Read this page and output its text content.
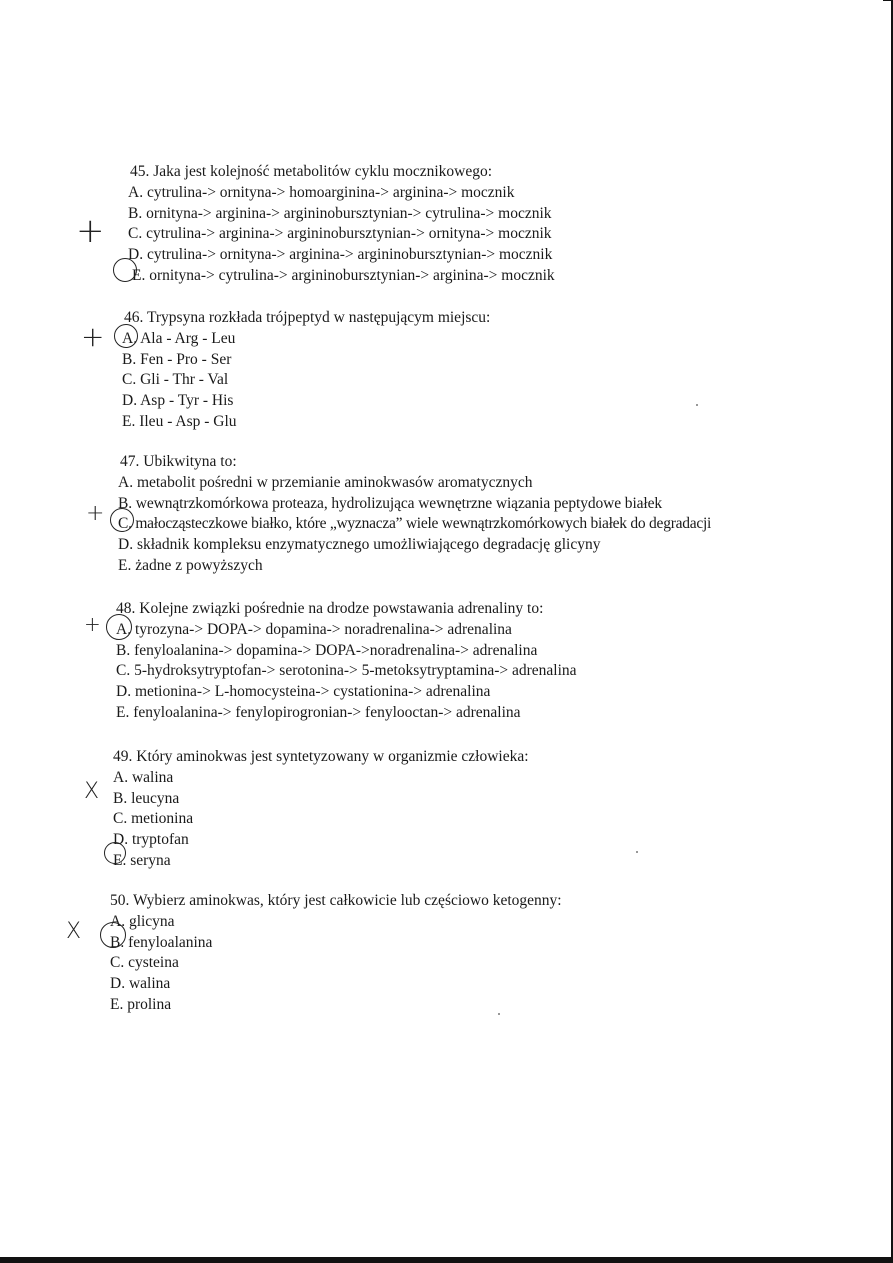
45. Jaka jest kolejność metabolitów cyklu mocznikowego:
A. cytrulina-> ornityna-> homoarginina-> arginina-> mocznik
B. ornityna-> arginina-> argininobursztynian-> cytrulina-> mocznik
C. cytrulina-> arginina-> argininobursztynian-> ornityna-> mocznik
D. cytrulina-> ornityna-> arginina-> argininobursztynian-> mocznik
E. ornityna-> cytrulina-> argininobursztynian-> arginina-> mocznik
46. Trypsyna rozkłada trójpeptyd w następującym miejscu:
A. Ala - Arg - Leu
B. Fen - Pro - Ser
C. Gli - Thr - Val
D. Asp - Tyr - His
E. Ileu - Asp - Glu
47. Ubikwityna to:
A. metabolit pośredni w przemianie aminokwasów aromatycznych
B. wewnątrzkomórkowa proteaza, hydrolizująca wewnętrzne wiązania peptydowe białek
C. małocząsteczkowe białko, które „wyznacza” wiele wewnątrzkomórkowych białek do degradacji
D. składnik kompleksu enzymatycznego umożliwiającego degradację glicyny
E. żadne z powyższych
48. Kolejne związki pośrednie na drodze powstawania adrenaliny to:
A. tyrozyna-> DOPA-> dopamina-> noradrenalina-> adrenalina
B. fenyloalanina-> dopamina-> DOPA->noradrenalina-> adrenalina
C. 5-hydroksytryptofan-> serotonina-> 5-metoksytryptamina-> adrenalina
D. metionina-> L-homocysteina-> cystationina-> adrenalina
E. fenyloalanina-> fenylopirogronian-> fenylooctan-> adrenalina
49. Który aminokwas jest syntetyzowany w organizmie człowieka:
A. walina
B. leucyna
C. metionina
D. tryptofan
E. seryna
50. Wybierz aminokwas, który jest całkowicie lub częściowo ketogenny:
A. glicyna
B. fenyloalanina
C. cysteina
D. walina
E. prolina
+
+
+
+
X
X
